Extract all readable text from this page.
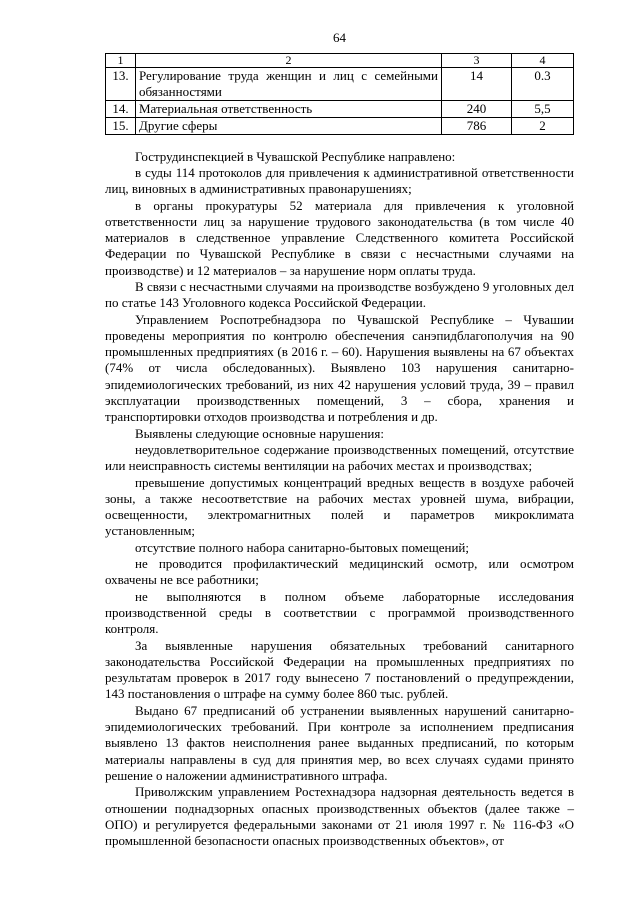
64
1	2	3	4
13.	Регулирование труда женщин и лиц с семейными обязанностями	14	0.3
14.	Материальная ответственность	240	5,5
15.	Другие сферы	786	2

Гострудинспекцией в Чувашской Республике направлено:

в суды 114 протоколов для привлечения к административной ответственности лиц, виновных в административных правонарушениях;

в органы прокуратуры 52 материала для привлечения к уголовной ответственности лиц за нарушение трудового законодательства (в том числе 40 материалов в следственное управление Следственного комитета Российской Федерации по Чувашской Республике в связи с несчастными случаями на производстве) и 12 материалов – за нарушение норм оплаты труда.

В связи с несчастными случаями на производстве возбуждено 9 уголовных дел по статье 143 Уголовного кодекса Российской Федерации.

Управлением Роспотребнадзора по Чувашской Республике – Чувашии проведены мероприятия по контролю обеспечения санэпидблагополучия на 90 промышленных предприятиях (в 2016 г. – 60). Нарушения выявлены на 67 объектах (74% от числа обследованных). Выявлено 103 нарушения санитарно-эпидемиологических требований, из них 42 нарушения условий труда, 39 – правил эксплуатации производственных помещений, 3 – сбора, хранения и транспортировки отходов производства и потребления и др.

Выявлены следующие основные нарушения:

неудовлетворительное содержание производственных помещений, отсутствие или неисправность системы вентиляции на рабочих местах и производствах;

превышение допустимых концентраций вредных веществ в воздухе рабочей зоны, а также несоответствие на рабочих местах уровней шума, вибрации, освещенности, электромагнитных полей и параметров микроклимата установленным;

отсутствие полного набора санитарно-бытовых помещений;

не проводится профилактический медицинский осмотр, или осмотром охвачены не все работники;

не выполняются в полном объеме лабораторные исследования производственной среды в соответствии с программой производственного контроля.

За выявленные нарушения обязательных требований санитарного законодательства Российской Федерации на промышленных предприятиях по результатам проверок в 2017 году вынесено 7 постановлений о предупреждении, 143 постановления о штрафе на сумму более 860 тыс. рублей.

Выдано 67 предписаний об устранении выявленных нарушений санитарно-эпидемиологических требований. При контроле за исполнением предписания выявлено 13 фактов неисполнения ранее выданных предписаний, по которым материалы направлены в суд для принятия мер, во всех случаях судами принято решение о наложении административного штрафа.

Приволжским управлением Ростехнадзора надзорная деятельность ведется в отношении поднадзорных опасных производственных объектов (далее также – ОПО) и регулируется федеральными законами от 21 июля 1997 г. № 116-ФЗ «О промышленной безопасности опасных производственных объектов», от
